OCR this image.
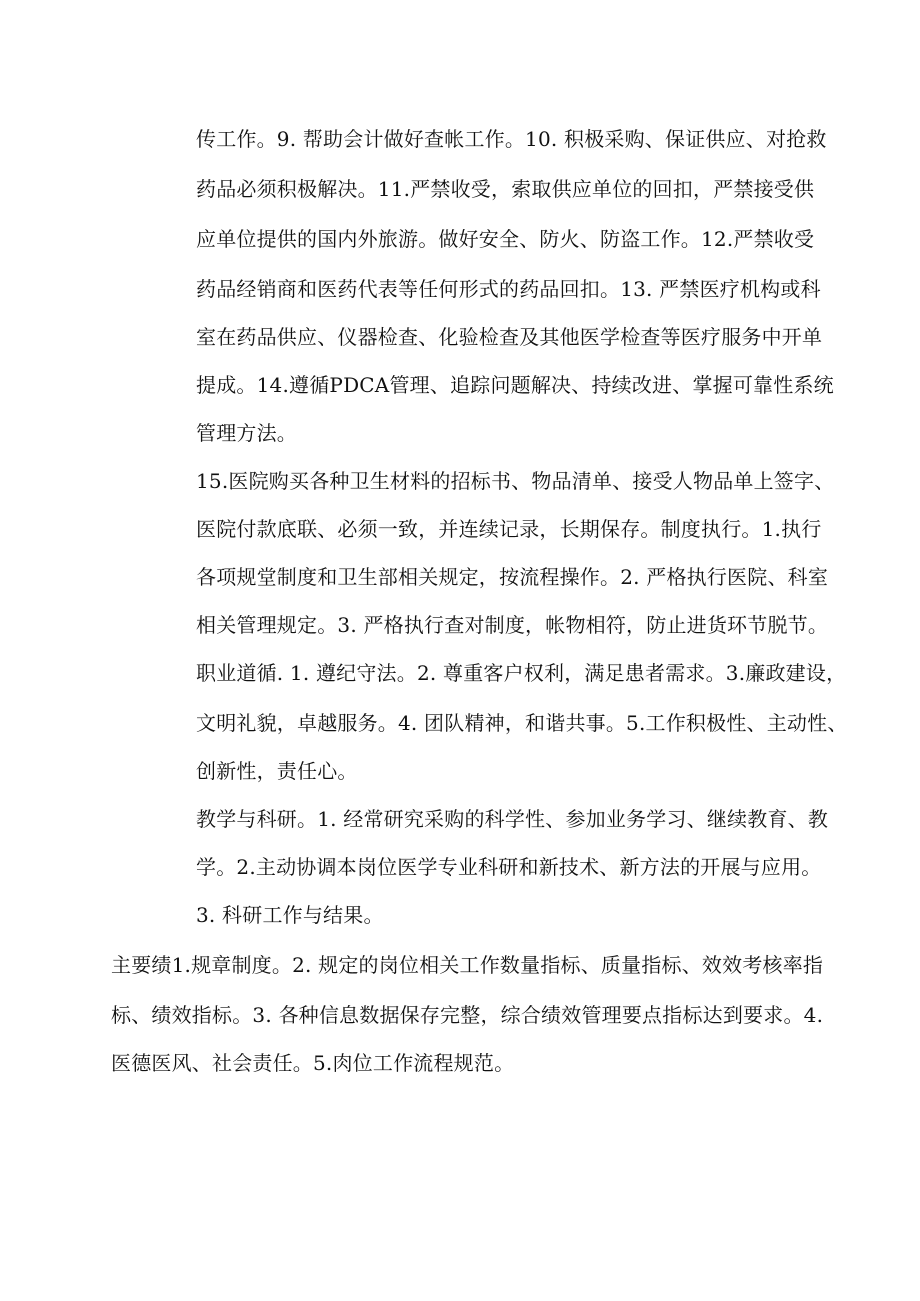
传工作。9. 帮助会计做好查帐工作。10. 积极采购、保证供应、对抢救
药品必须积极解决。11.严禁收受，索取供应单位的回扣，严禁接受供
应单位提供的国内外旅游。做好安全、防火、防盗工作。12.严禁收受
药品经销商和医药代表等任何形式的药品回扣。13. 严禁医疗机构或科
室在药品供应、仪器检查、化验检查及其他医学检查等医疗服务中开单
提成。14.遵循PDCA管理、追踪问题解决、持续改进、掌握可靠性系统
管理方法。
15.医院购买各种卫生材料的招标书、物品清单、接受人物品单上签字、
医院付款底联、必须一致，并连续记录，长期保存。制度执行。1.执行
各项规堂制度和卫生部相关规定，按流程操作。2. 严格执行医院、科室
相关管理规定。3. 严格执行查对制度，帐物相符，防止进货环节脱节。
职业道循. 1. 遵纪守法。2. 尊重客户权利，满足患者需求。3.廉政建设，
文明礼貌，卓越服务。4. 团队精神，和谐共事。5.工作积极性、主动性、
创新性，责任心。
教学与科研。1. 经常研究采购的科学性、参加业务学习、继续教育、教
学。2.主动协调本岗位医学专业科研和新技术、新方法的开展与应用。
3. 科研工作与结果。
主要绩1.规章制度。2. 规定的岗位相关工作数量指标、质量指标、效效考核率指
标、绩效指标。3. 各种信息数据保存完整，综合绩效管理要点指标达到要求。4.
医德医风、社会责任。5.肉位工作流程规范。
